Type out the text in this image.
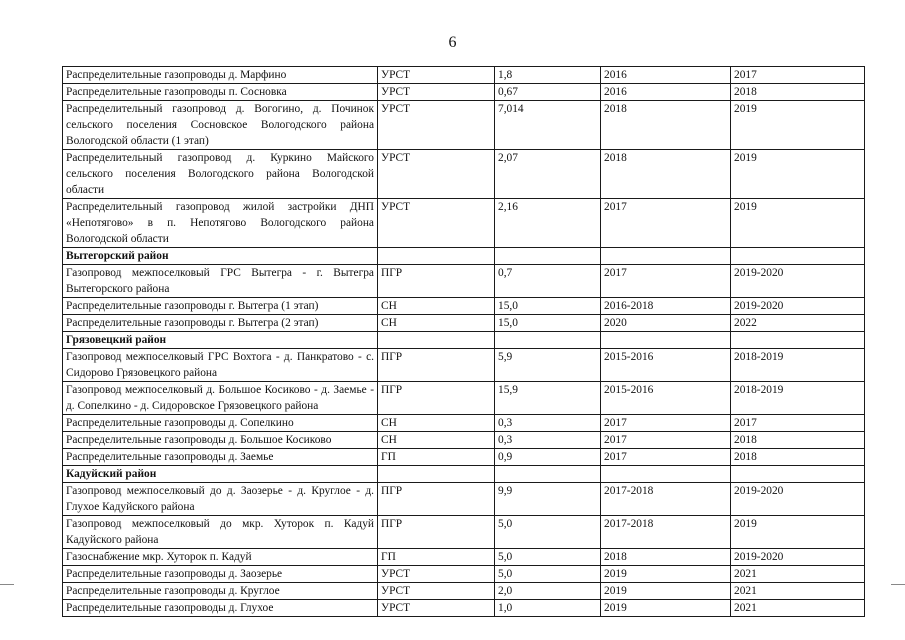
6
Распределительные газопроводы д. Марфино	УРСТ	1,8	2016	2017
Распределительные газопроводы п. Сосновка	УРСТ	0,67	2016	2018
Распределительный газопровод д. Вогогино, д. Починок сельского поселения Сосновское Вологодского района Вологодской области (1 этап)	УРСТ	7,014	2018	2019
Распределительный газопровод д. Куркино Майского сельского поселения Вологодского района Вологодской области	УРСТ	2,07	2018	2019
Распределительный газопровод жилой застройки ДНП «Непотягово» в п. Непотягово Вологодского района Вологодской области	УРСТ	2,16	2017	2019
Вытегорский район				
Газопровод межпоселковый ГРС Вытегра - г. Вытегра Вытегорского района	ПГР	0,7	2017	2019-2020
Распределительные газопроводы г. Вытегра (1 этап)	СН	15,0	2016-2018	2019-2020
Распределительные газопроводы г. Вытегра (2 этап)	СН	15,0	2020	2022
Грязовецкий район				
Газопровод межпоселковый ГРС Вохтога - д. Панкратово - с. Сидорово Грязовецкого района	ПГР	5,9	2015-2016	2018-2019
Газопровод межпоселковый д. Большое Косиково - д. Заемье - д. Сопелкино - д. Сидоровское Грязовецкого района	ПГР	15,9	2015-2016	2018-2019
Распределительные газопроводы д. Сопелкино	СН	0,3	2017	2017
Распределительные газопроводы д. Большое Косиково	СН	0,3	2017	2018
Распределительные газопроводы д. Заемье	ГП	0,9	2017	2018
Кадуйский район				
Газопровод межпоселковый до д. Заозерье - д. Круглое - д. Глухое Кадуйского района	ПГР	9,9	2017-2018	2019-2020
Газопровод межпоселковый до мкр. Хуторок п. Кадуй Кадуйского района	ПГР	5,0	2017-2018	2019
Газоснабжение мкр. Хуторок п. Кадуй	ГП	5,0	2018	2019-2020
Распределительные газопроводы д. Заозерье	УРСТ	5,0	2019	2021
Распределительные газопроводы д. Круглое	УРСТ	2,0	2019	2021
Распределительные газопроводы д. Глухое	УРСТ	1,0	2019	2021
